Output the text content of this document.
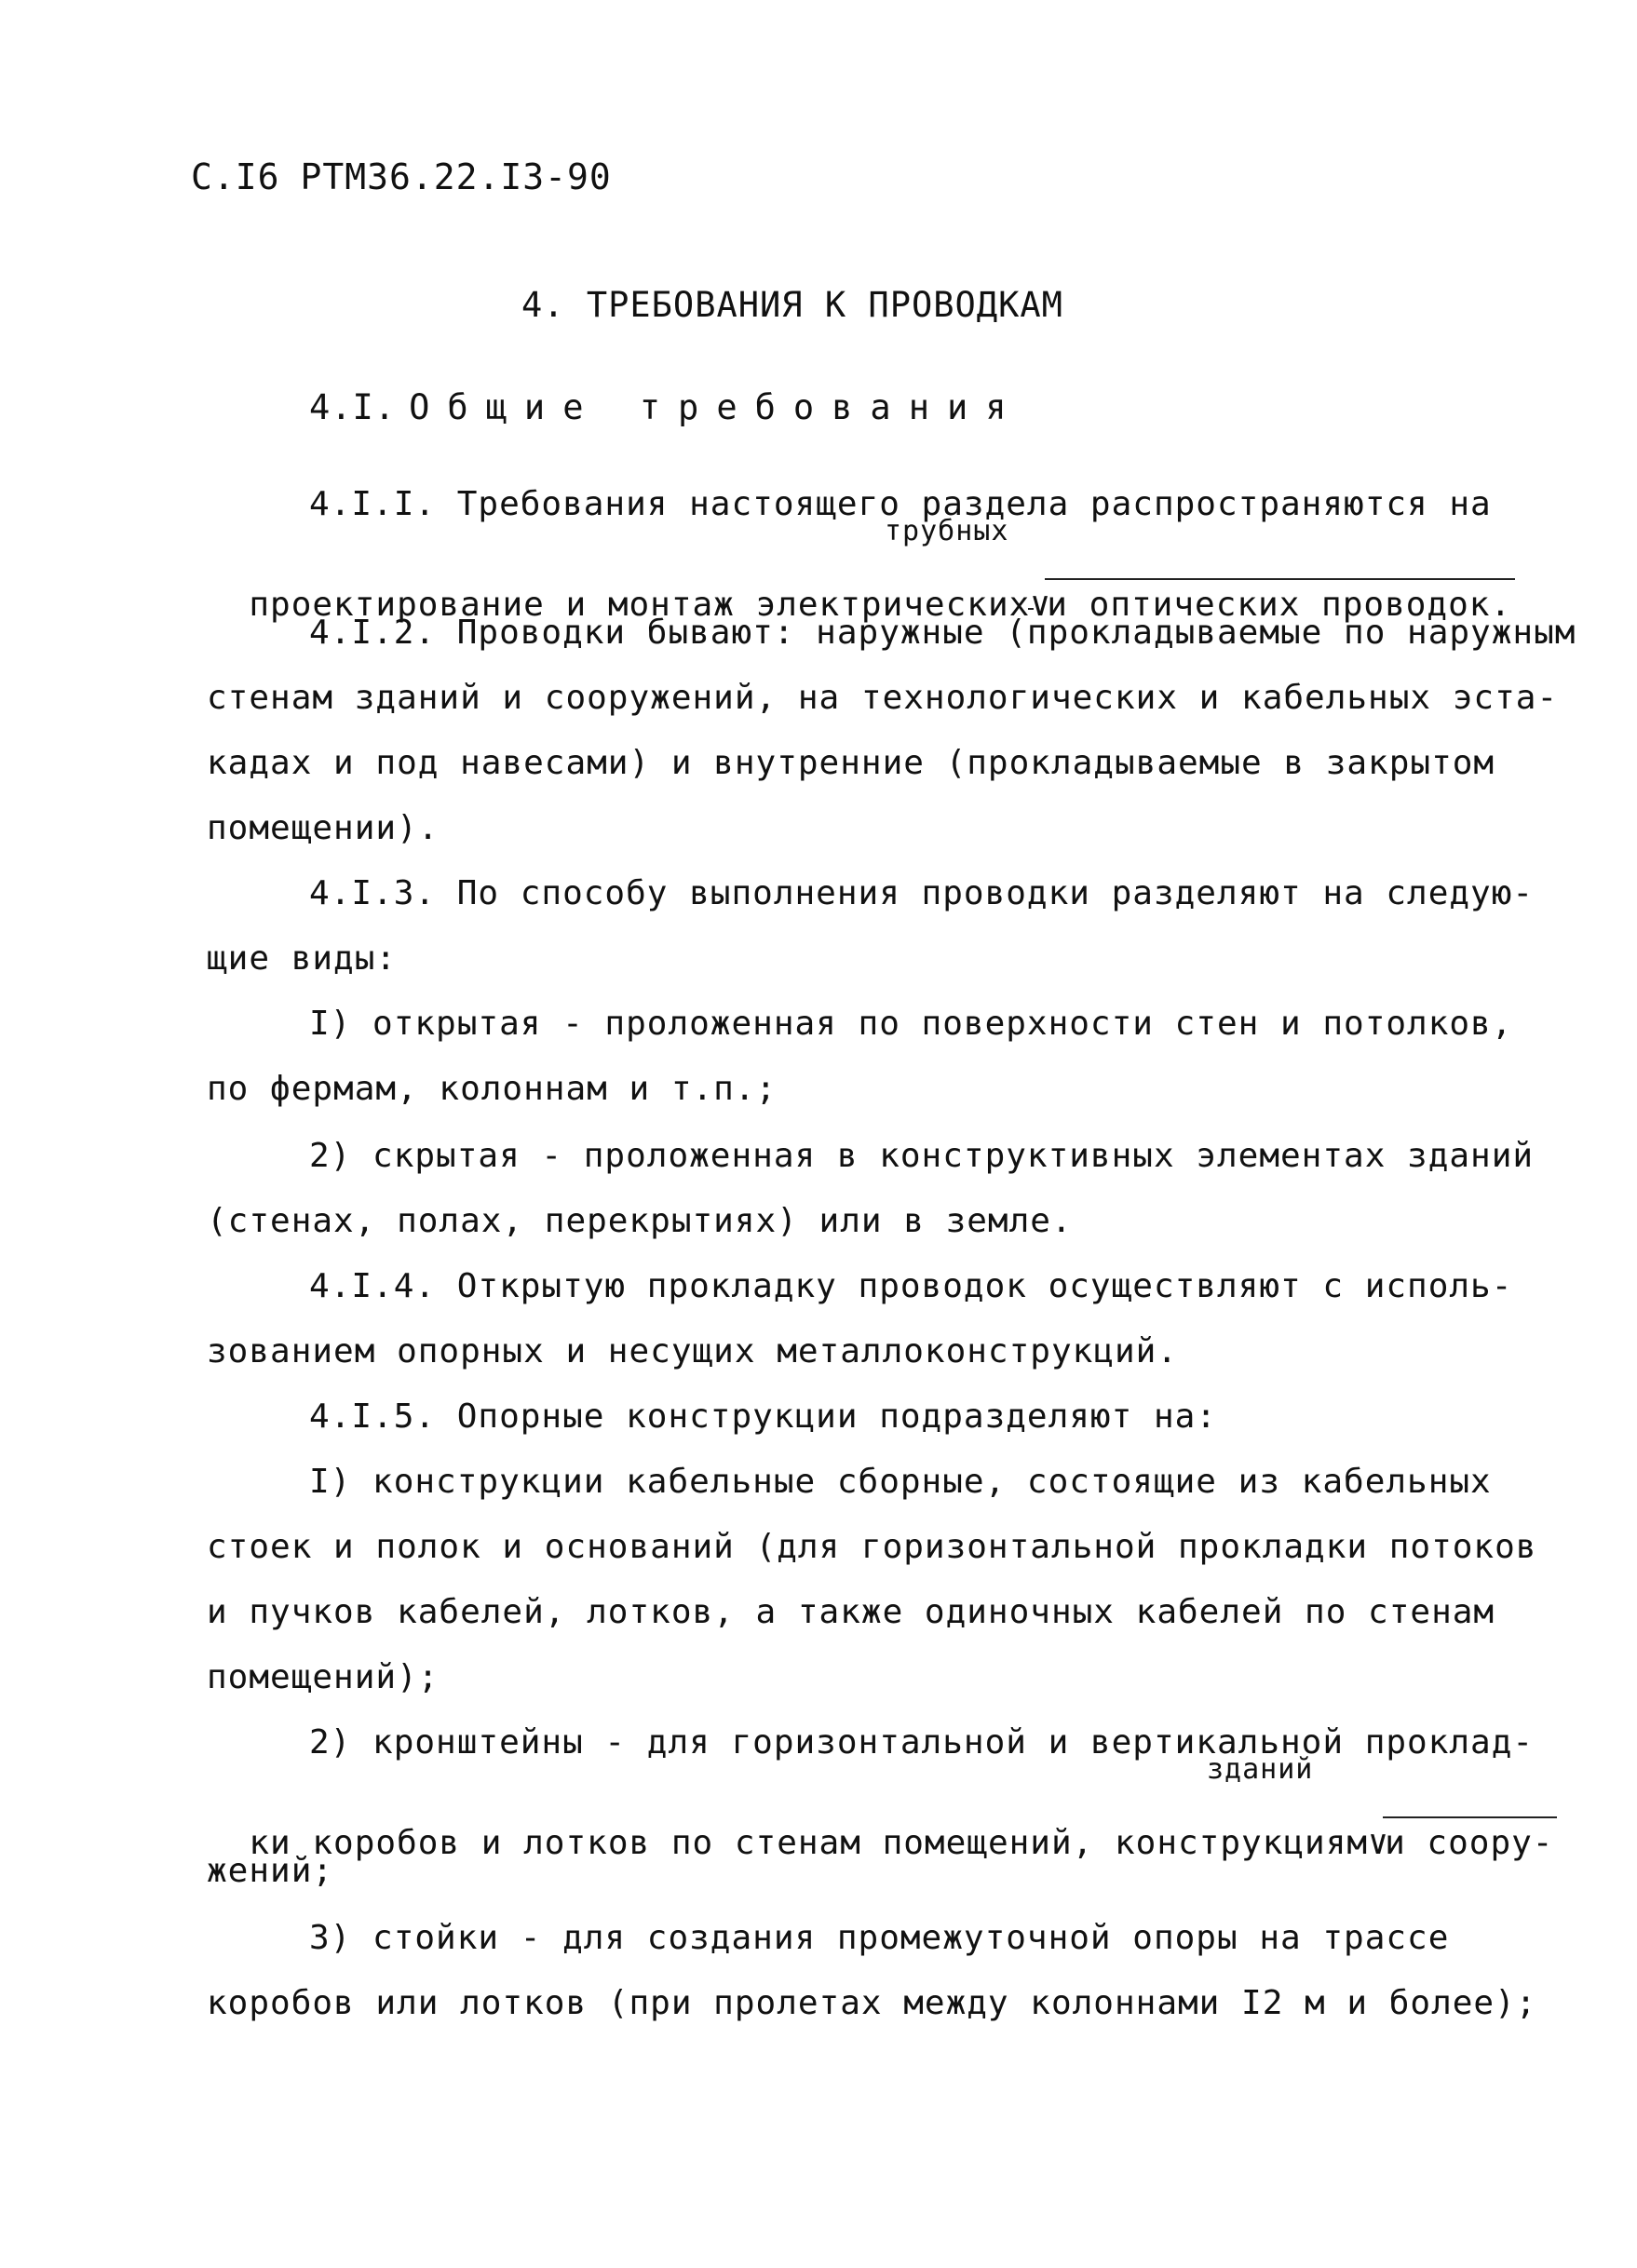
С.I6 РТМ36.22.I3-90
4. ТРЕБОВАНИЯ К ПРОВОДКАМ
4.I. Общие требования
4.I.I. Требования настоящего раздела распространяются на
трубных

проектирование и монтаж электрических∨и оптических проводок.

4.I.2. Проводки бывают: наружные (прокладываемые по наружным
стенам зданий и сооружений, на технологических и кабельных эста-
кадах и под навесами) и внутренние (прокладываемые в закрытом
помещении).
4.I.3. По способу выполнения проводки разделяют на следую-
щие виды:
I) открытая - проложенная по поверхности стен и потолков,
по фермам, колоннам и т.п.;
2) скрытая - проложенная в конструктивных элементах зданий
(стенах, полах, перекрытиях) или в земле.
4.I.4. Открытую прокладку проводок осуществляют с исполь-
зованием опорных и несущих металлоконструкций.
4.I.5. Опорные конструкции подразделяют на:
I) конструкции кабельные сборные, состоящие из кабельных
стоек и полок и оснований (для горизонтальной прокладки потоков
и пучков кабелей, лотков, а также одиночных кабелей по стенам
помещений);
2) кронштейны - для горизонтальной и вертикальной проклад-
зданий

ки коробов и лотков по стенам помещений, конструкциям∨и соору-

жений;
3) стойки - для создания промежуточной опоры на трассе
коробов или лотков (при пролетах между колоннами I2 м и более);
